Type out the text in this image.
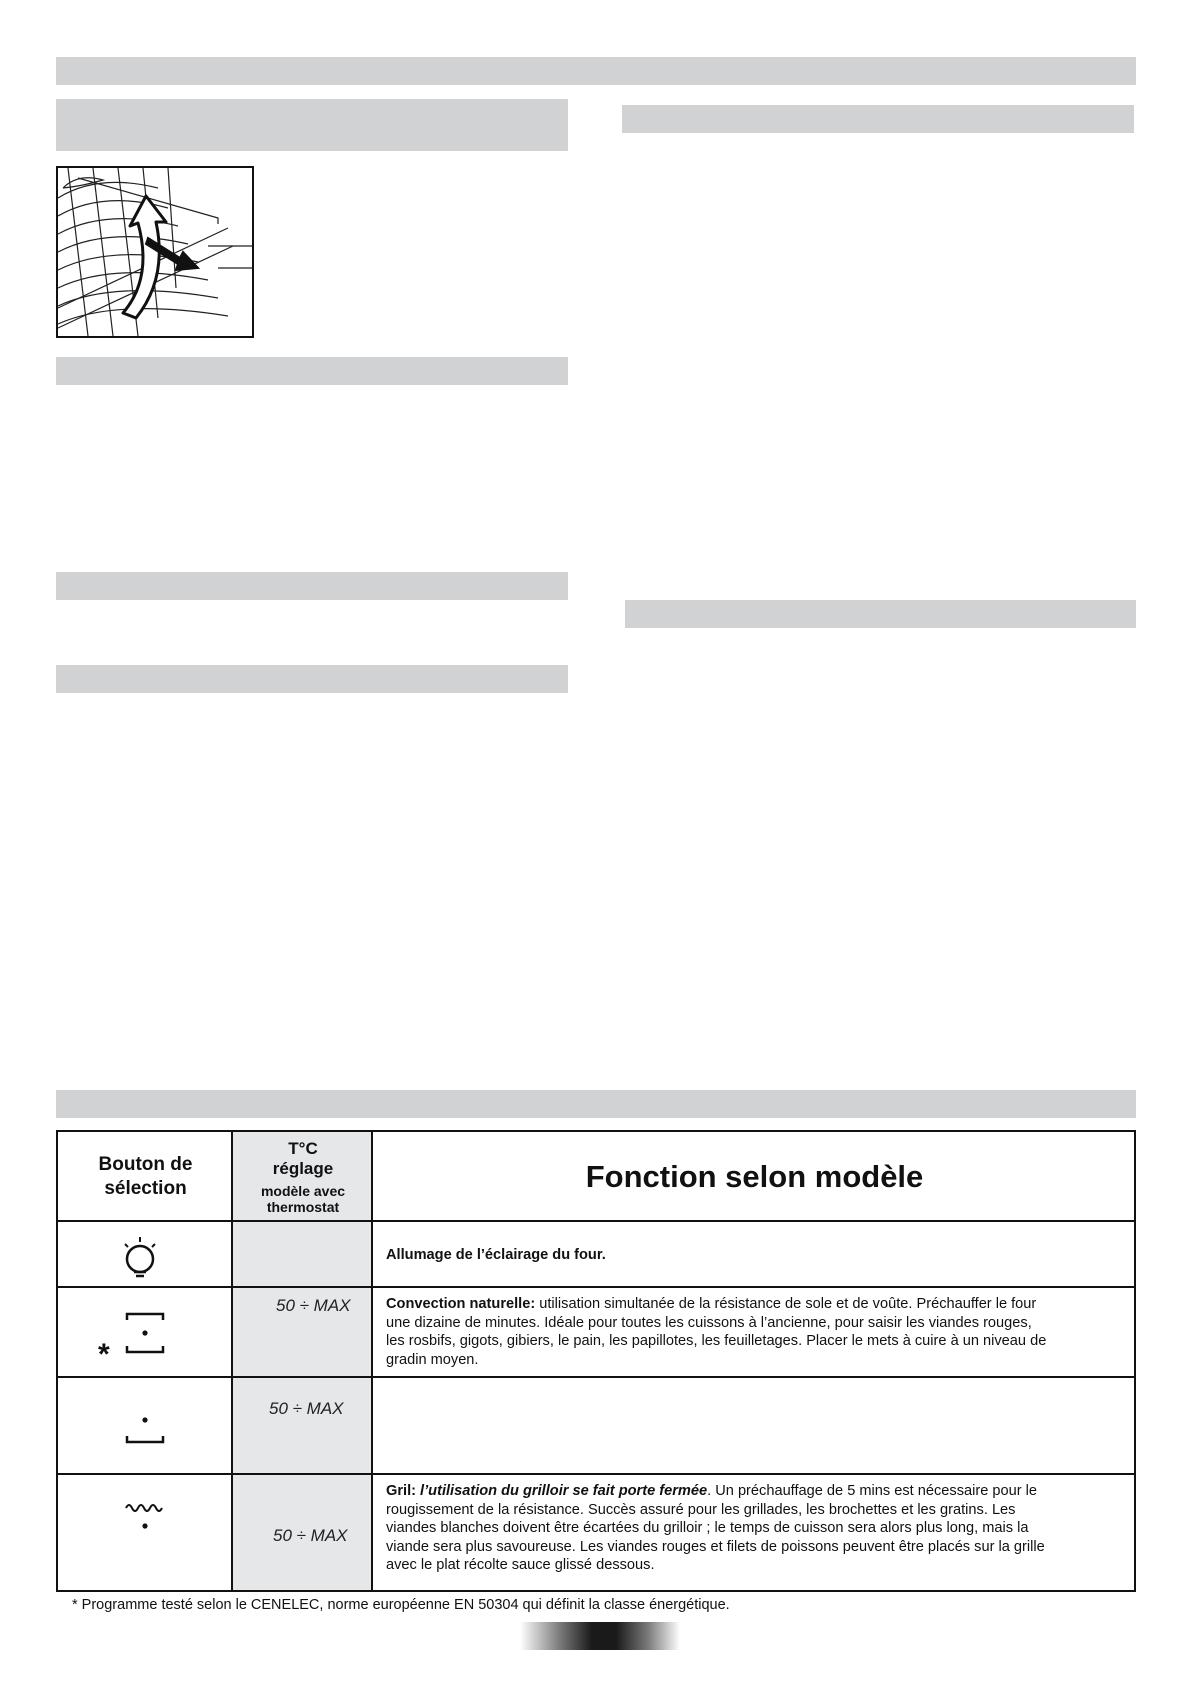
Bouton de
sélection
T°C
réglage
modèle avec
thermostat
Fonction selon modèle
Allumage de l’éclairage du four.
*
50 ÷ MAX Convection naturelle: utilisation simultanée de la résistance de sole et de voûte. Préchauffer le four une dizaine de minutes. Idéale pour toutes les cuissons à l’ancienne, pour saisir les viandes rouges, les rosbifs, gigots, gibiers, le pain, les papillotes, les feuilletages. Placer le mets à cuire à un niveau de gradin moyen.
50 ÷ MAX
50 ÷ MAX
Gril: l’utilisation du grilloir se fait porte fermée. Un préchauffage de 5 mins est nécessaire pour le rougissement de la résistance. Succès assuré pour les grillades, les brochettes et les gratins. Les viandes blanches doivent être écartées du grilloir ; le temps de cuisson sera alors plus long, mais la viande sera plus savoureuse. Les viandes rouges et filets de poissons peuvent être placés sur la grille avec le plat récolte sauce glissé dessous.
* Programme testé selon le CENELEC, norme européenne EN 50304 qui définit la classe énergétique.
